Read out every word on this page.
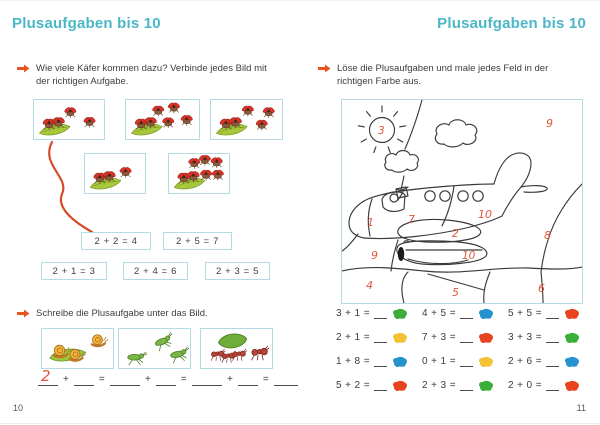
Plusaufgaben bis 10
Wie viele Käfer kommen dazu? Verbinde jedes Bild mit der richtigen Aufgabe.
2 + 2 = 4	2 + 5 = 7
2 + 1 = 3	2 + 4 = 6	2 + 3 = 5
Schreibe die Plusaufgabe unter das Bild.
2 +	=	+	=	+	=
10
Plusaufgaben bis 10
Löse die Plusaufgaben und male jedes Feld in der richtigen Farbe aus.
3
9
1	7	10
2
10
8
9
4
5	6
3 + 1 =	4 + 5 =	5 + 5 =
2 + 1 =	7 + 3 =	3 + 3 =
1 + 8 =	0 + 1 =	2 + 6 =
5 + 2 =	2 + 3 =	2 + 0 =
11
